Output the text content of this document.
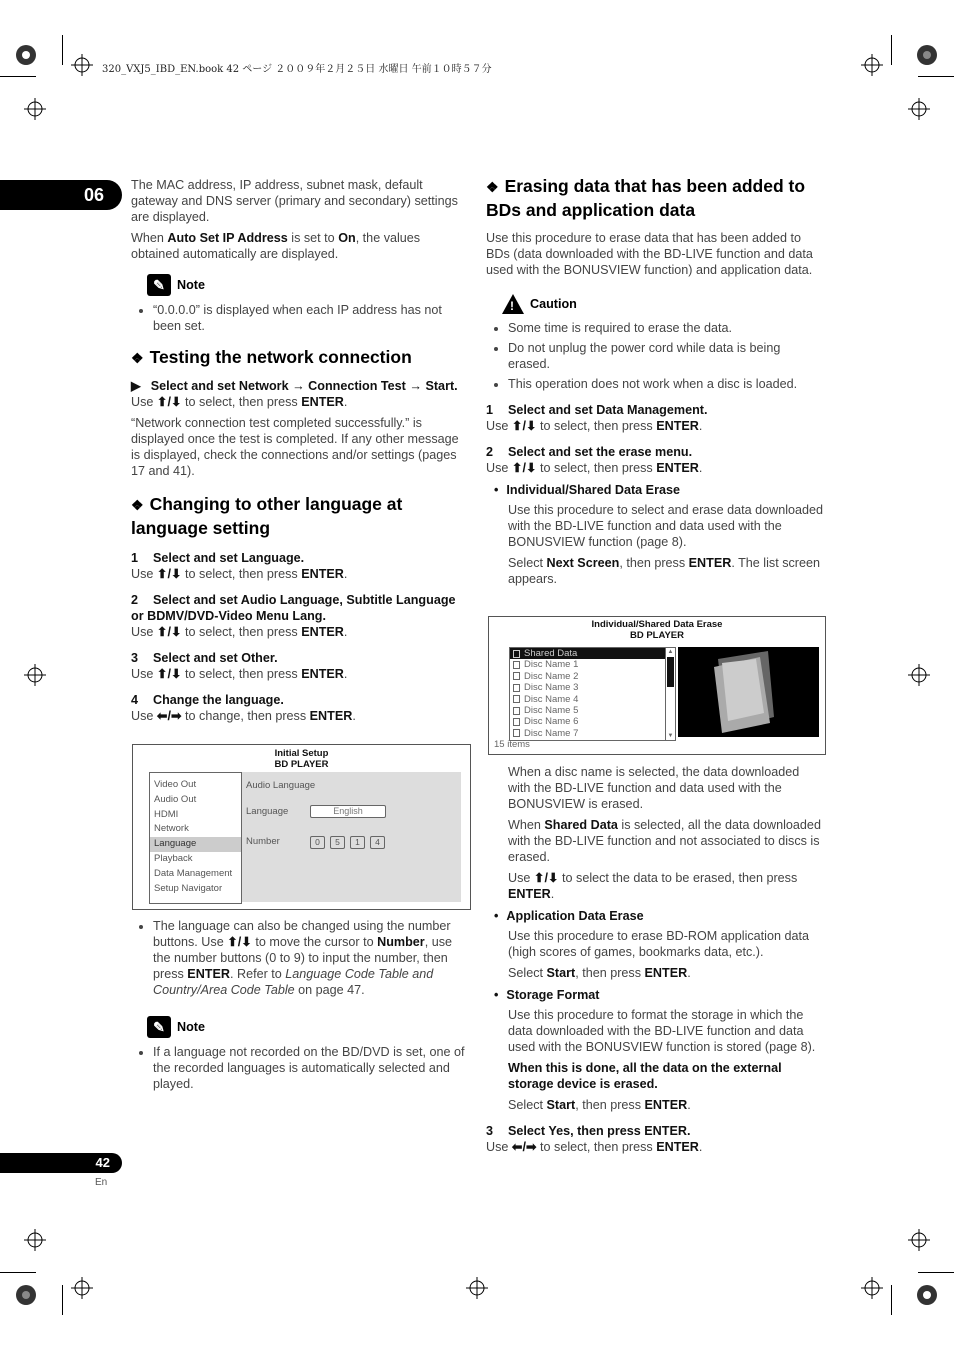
320_VXJ5_IBD_EN.book 42 ページ ２００９年２月２５日 水曜日 午前１０時５７分
06
42
En

The MAC address, IP address, subnet mask, default gateway and DNS server (primary and secondary) settings are displayed.

When Auto Set IP Address is set to On, the values obtained automatically are displayed.

✎ Note
• “0.0.0.0” is displayed when each IP address has not been set.
❖ Testing the network connection

▶ Select and set Network → Connection Test → Start.

Use ⬆/⬇ to select, then press ENTER.

“Network connection test completed successfully.” is displayed once the test is completed. If any other message is displayed, check the connections and/or settings (pages 17 and 41).

❖ Changing to other language at language setting

1 Select and set Language.

Use ⬆/⬇ to select, then press ENTER.

2 Select and set Audio Language, Subtitle Language or BDMV/DVD-Video Menu Lang.

Use ⬆/⬇ to select, then press ENTER.

3 Select and set Other.

Use ⬆/⬇ to select, then press ENTER.

4 Change the language.

Use ⬅/➡ to change, then press ENTER.

Initial Setup
BD PLAYER
Video Out
Audio Out
HDMI
Network
Language
Playback
Data Management
Setup Navigator
Audio Language
Language	English
Number	0	5	1	4
• The language can also be changed using the number buttons. Use ⬆/⬇ to move the cursor to Number, use the number buttons (0 to 9) to input the number, then press ENTER. Refer to Language Code Table and Country/Area Code Table on page 47.
✎ Note
• If a language not recorded on the BD/DVD is set, one of the recorded languages is automatically selected and played.
❖ Erasing data that has been added to BDs and application data

Use this procedure to erase data that has been added to BDs (data downloaded with the BD-LIVE function and data used with the BONUSVIEW function) and application data.

! Caution
• Some time is required to erase the data.
• Do not unplug the power cord while data is being erased.
• This operation does not work when a disc is loaded.

1 Select and set Data Management.

Use ⬆/⬇ to select, then press ENTER.

2 Select and set the erase menu.

Use ⬆/⬇ to select, then press ENTER.

• Individual/Shared Data Erase

Use this procedure to select and erase data downloaded with the BD-LIVE function and data used with the BONUSVIEW function (page 8).

Select Next Screen, then press ENTER. The list screen appears.

Individual/Shared Data Erase
BD PLAYER
Shared Data
Disc Name 1
Disc Name 2
Disc Name 3
Disc Name 4
Disc Name 5
Disc Name 6
Disc Name 7
▲
▼
15 items

When a disc name is selected, the data downloaded with the BD-LIVE function and data used with the BONUSVIEW is erased.

When Shared Data is selected, all the data downloaded with the BD-LIVE function and not associated to discs is erased.

Use ⬆/⬇ to select the data to be erased, then press ENTER.

• Application Data Erase

Use this procedure to erase BD-ROM application data (high scores of games, bookmarks data, etc.).

Select Start, then press ENTER.

• Storage Format

Use this procedure to format the storage in which the data downloaded with the BD-LIVE function and data used with the BONUSVIEW function is stored (page 8).

When this is done, all the data on the external storage device is erased.

Select Start, then press ENTER.

3 Select Yes, then press ENTER.

Use ⬅/➡ to select, then press ENTER.
